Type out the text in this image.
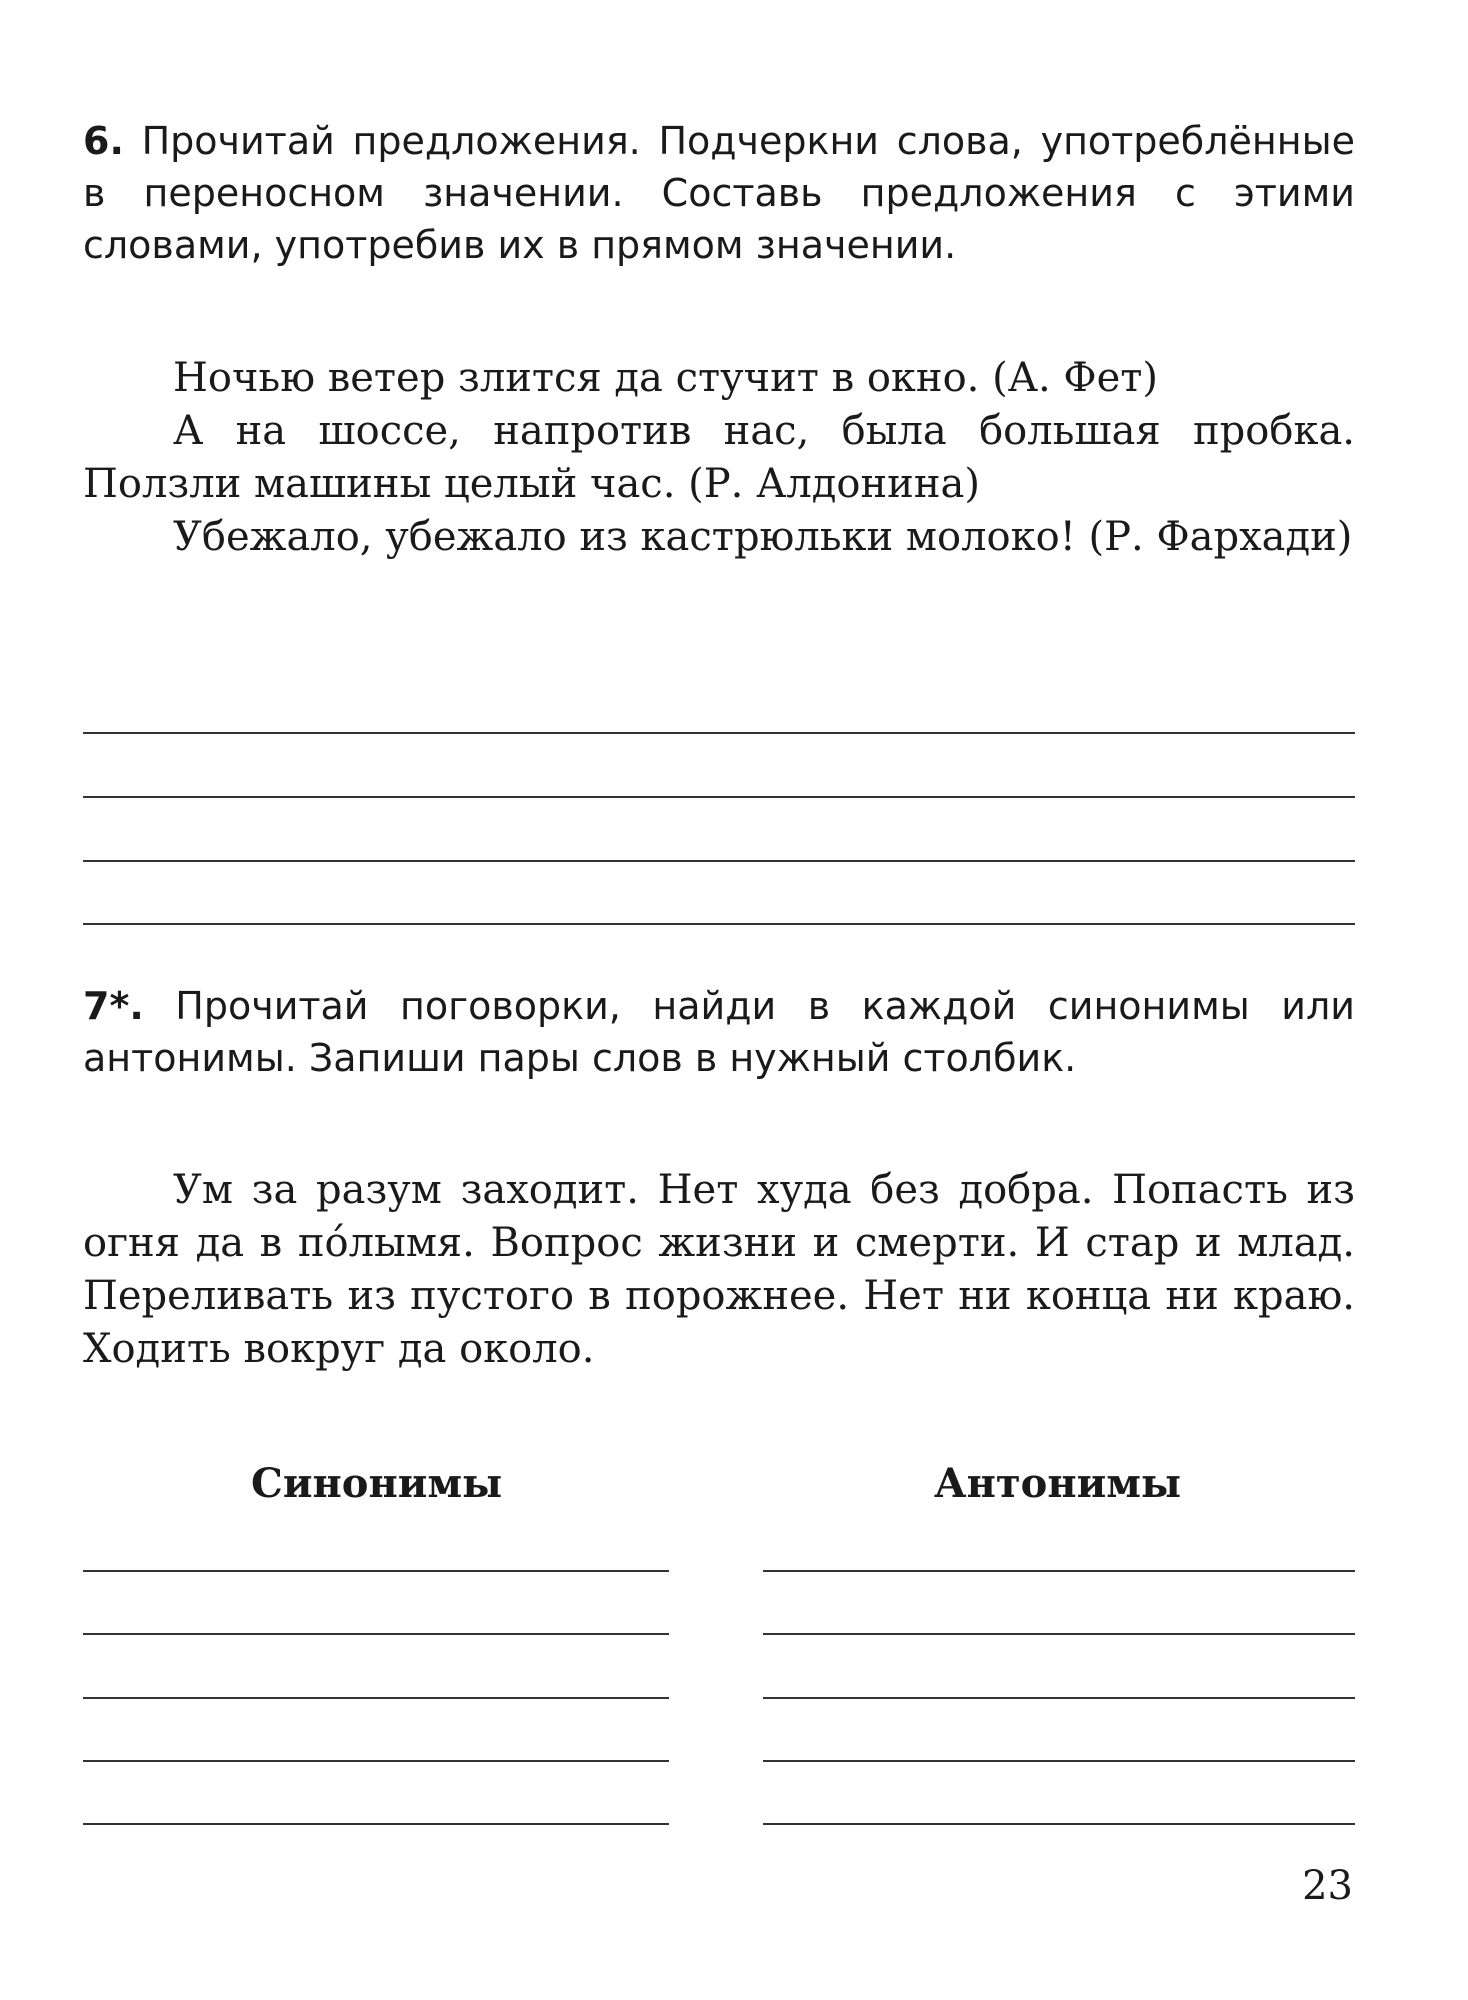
6. Прочитай предложения. Подчеркни слова, употреблённые в переносном значении. Составь предложения с этими словами, употребив их в прямом значении.

Ночью ветер злится да стучит в окно. (А. Фет)

А на шоссе, напротив нас, была большая пробка. Ползли машины целый час. (Р. Алдонина)

Убежало, убежало из кастрюльки молоко! (Р. Фархади)

7*. Прочитай поговорки, найди в каждой синонимы или антонимы. Запиши пары слов в нужный столбик.

Ум за разум заходит. Нет худа без добра. Попасть из огня да в по́лымя. Вопрос жизни и смерти. И стар и млад. Переливать из пустого в порожнее. Нет ни конца ни краю. Ходить вокруг да около.

Синонимы	Антонимы
23
